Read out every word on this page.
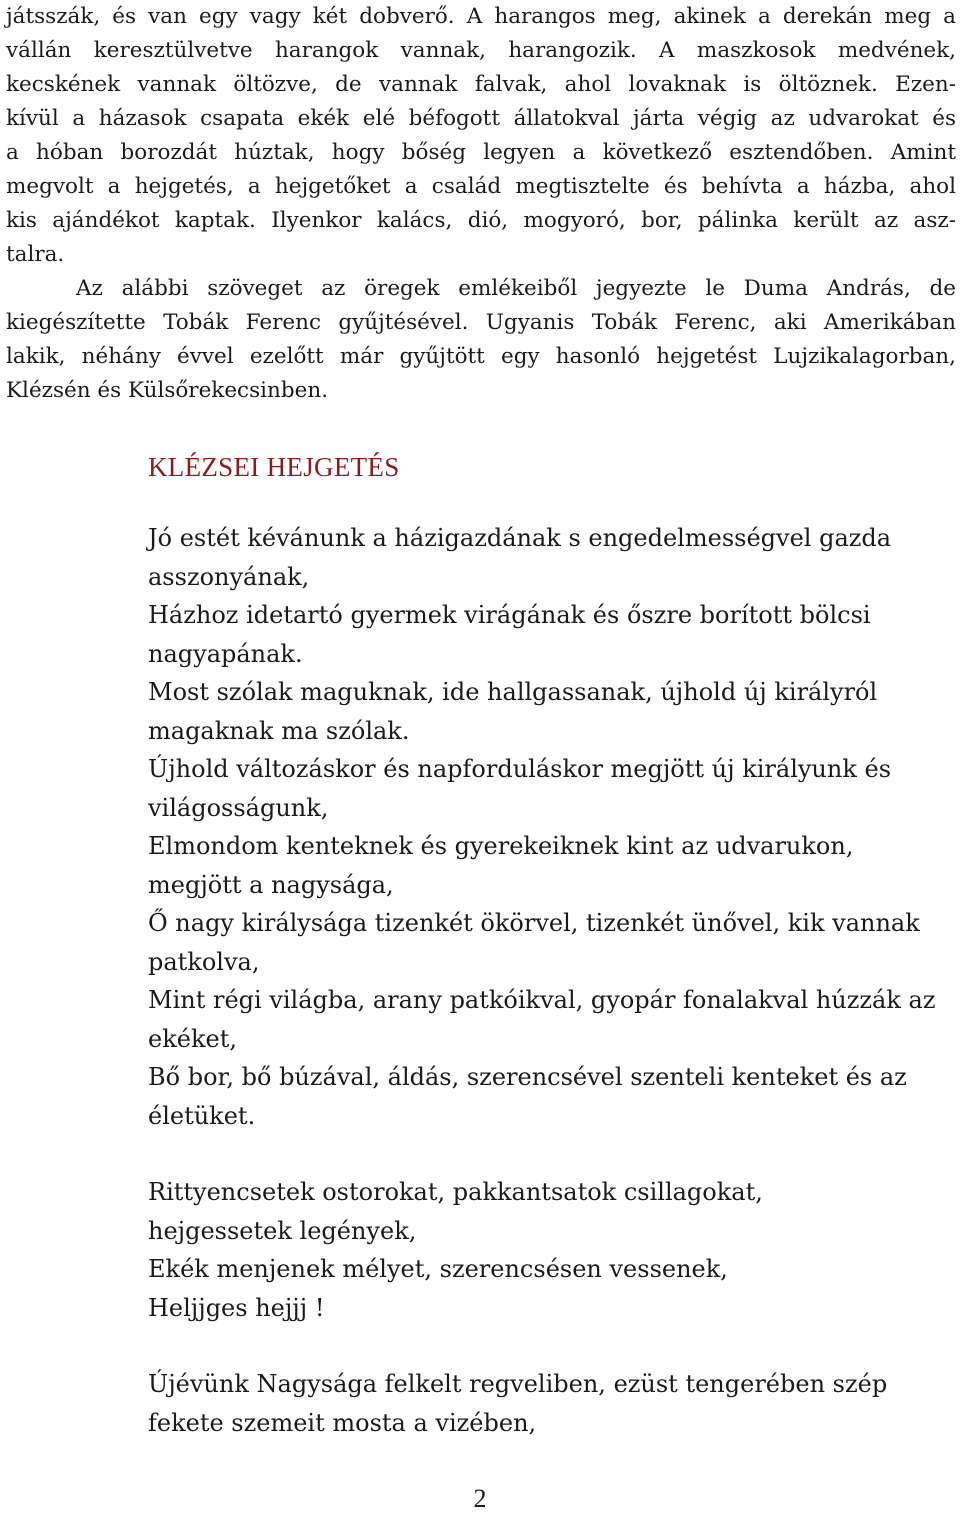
játsszák, és van egy vagy két dobverő. A harangos meg, akinek a derekán meg a
vállán keresztülvetve harangok vannak, harangozik. A maszkosok medvének,
kecskének vannak öltözve, de vannak falvak, ahol lovaknak is öltöznek. Ezen-
kívül a házasok csapata ekék elé béfogott állatokval járta végig az udvarokat és
a hóban borozdát húztak, hogy bőség legyen a következő esztendőben. Amint
megvolt a hejgetés, a hejgetőket a család megtisztelte és behívta a házba, ahol
kis ajándékot kaptak. Ilyenkor kalács, dió, mogyoró, bor, pálinka került az asz-
talra.
Az alábbi szöveget az öregek emlékeiből jegyezte le Duma András, de
kiegészítette Tobák Ferenc gyűjtésével. Ugyanis Tobák Ferenc, aki Amerikában
lakik, néhány évvel ezelőtt már gyűjtött egy hasonló hejgetést Lujzikalagorban,
Klézsén és Külsőrekecsinben.
KLÉZSEI HEJGETÉS
Jó estét kévánunk a házigazdának s engedelmességvel gazda
asszonyának,
Házhoz idetartó gyermek virágának és őszre borított bölcsi
nagyapának.
Most szólak maguknak, ide hallgassanak, újhold új királyról
magaknak ma szólak.
Újhold változáskor és napforduláskor megjött új királyunk és
világosságunk,
Elmondom kenteknek és gyerekeiknek kint az udvarukon,
megjött a nagysága,
Ő nagy királysága tizenkét ökörvel, tizenkét ünővel, kik vannak
patkolva,
Mint régi világba, arany patkóikval, gyopár fonalakval húzzák az
ekéket,
Bő bor, bő búzával, áldás, szerencsével szenteli kenteket és az
életüket.
Rittyencsetek ostorokat, pakkantsatok csillagokat,
hejgessetek legények,
Ekék menjenek mélyet, szerencsésen vessenek,
Heljjges hejjj !
Újévünk Nagysága felkelt regveliben, ezüst tengerében szép
fekete szemeit mosta a vizében,
2
